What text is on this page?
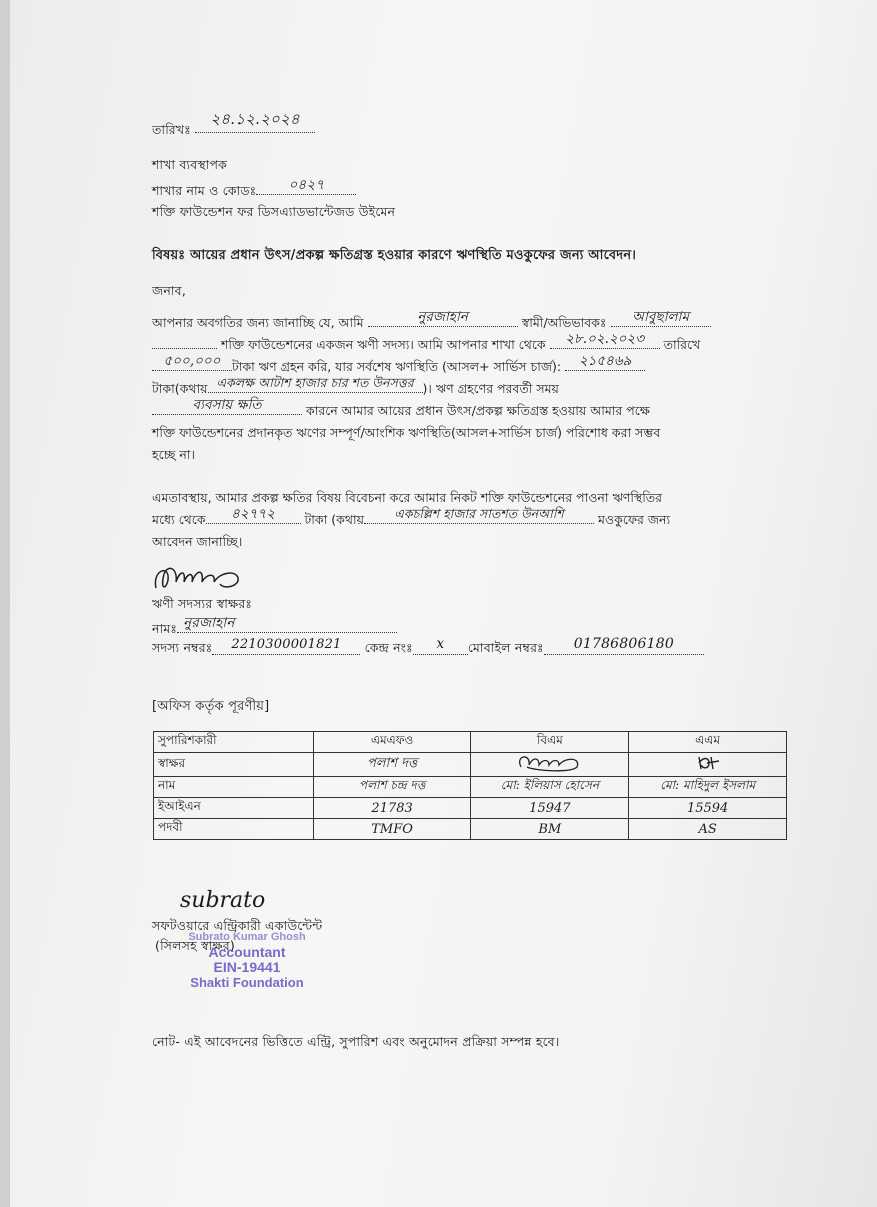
তারিখঃ ২৪.১২.২০২৪
শাখা ব্যবস্থাপক
শাখার নাম ও কোডঃ ০৪২৭
শক্তি ফাউন্ডেশন ফর ডিসএ্যাডভান্টেজড উইমেন
বিষয়ঃ আয়ের প্রধান উৎস/প্রকল্প ক্ষতিগ্রস্ত হওয়ার কারণে ঋণস্থিতি মওকুফের জন্য আবেদন।
জনাব,
আপনার অবগতির জন্য জানাচ্ছি যে, আমি	নুরজাহান	স্বামী/অভিভাবকঃ আবুছালাম
শক্তি ফাউন্ডেশনের একজন ঋণী সদস্য। আমি আপনার শাখা থেকে ২৮.০২.২০২৩ তারিখে
৫০০,০০০ টাকা ঋণ গ্রহন করি, যার সর্বশেষ ঋণস্থিতি (আসল+ সার্ভিস চার্জ): ২১৫৪৬৯
টাকা(কথায় একলক্ষ আটাশ হাজার চার শত উনসত্তর )। ঋণ গ্রহণের পরবর্তী সময়
ব্যবসায় ক্ষতি	কারনে আমার আয়ের প্রধান উৎস/প্রকল্প ক্ষতিগ্রস্ত হওয়ায় আমার পক্ষে
শক্তি ফাউন্ডেশনের প্রদানকৃত ঋণের সম্পূর্ণ/আংশিক ঋণস্থিতি(আসল+সার্ভিস চার্জ) পরিশোধ করা সম্ভব
হচ্ছে না।
এমতাবস্থায়, আমার প্রকল্প ক্ষতির বিষয় বিবেচনা করে আমার নিকট শক্তি ফাউন্ডেশনের পাওনা ঋণস্থিতির
মধ্যে থেকে ৪২৭৭২ টাকা (কথায় একচল্লিশ হাজার সাতশত উনআশি	মওকুফের জন্য
আবেদন জানাচ্ছি।
ঋণী সদস্যর স্বাক্ষরঃ
নামঃ নুরজাহান
সদস্য নম্বরঃ 2210300001821 কেন্দ্র নংঃ x মোবাইল নম্বরঃ 01786806180
[অফিস কর্তৃক পূরণীয়]
সুপারিশকারী	এমএফও	বিএম	এএম
স্বাক্ষর	পলাশ দত্ত		
নাম	পলাশ চন্দ্র দত্ত	মো: ইলিয়াস হোসেন	মো: মাহিদুল ইসলাম
ইআইএন	21783	15947	15594
পদবী	TMFO	BM	AS
subrato
সফটওয়ারে এন্ট্রিকারী একাউন্টেন্ট
(সিলসহ স্বাক্ষর)
Subrato Kumar Ghosh
Accountant
EIN-19441
Shakti Foundation
নোট- এই আবেদনের ভিত্তিতে এন্ট্রি, সুপারিশ এবং অনুমোদন প্রক্রিয়া সম্পন্ন হবে।
